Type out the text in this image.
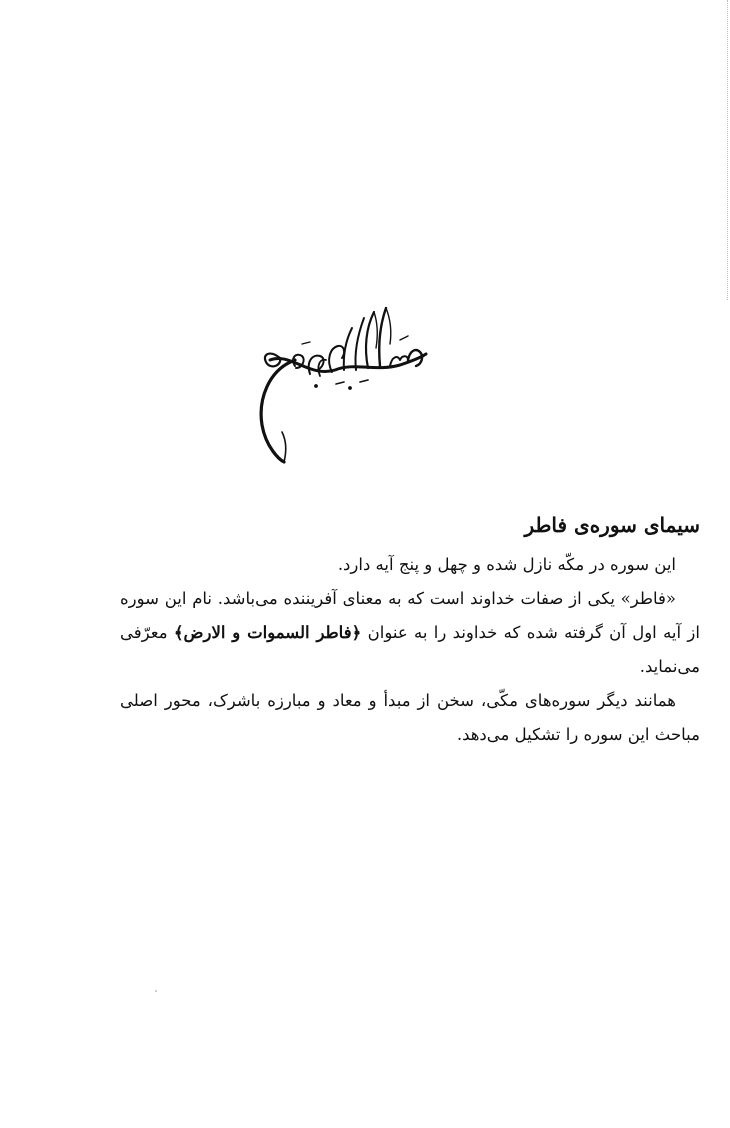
سیمای سوره‌ی فاطر

این سوره در مکّه نازل شده و چهل و پنج آیه دارد.

«فاطر» یکی از صفات خداوند است که به معنای آفریننده می‌باشد. نام این سوره از آیه اول آن گرفته شده که خداوند را به عنوان ﴿فاطر السموات و الارض﴾ معرّفی می‌نماید.

همانند دیگر سوره‌های مکّی، سخن از مبدأ و معاد و مبارزه باشرک، محور اصلی مباحث این سوره را تشکیل می‌دهد.
